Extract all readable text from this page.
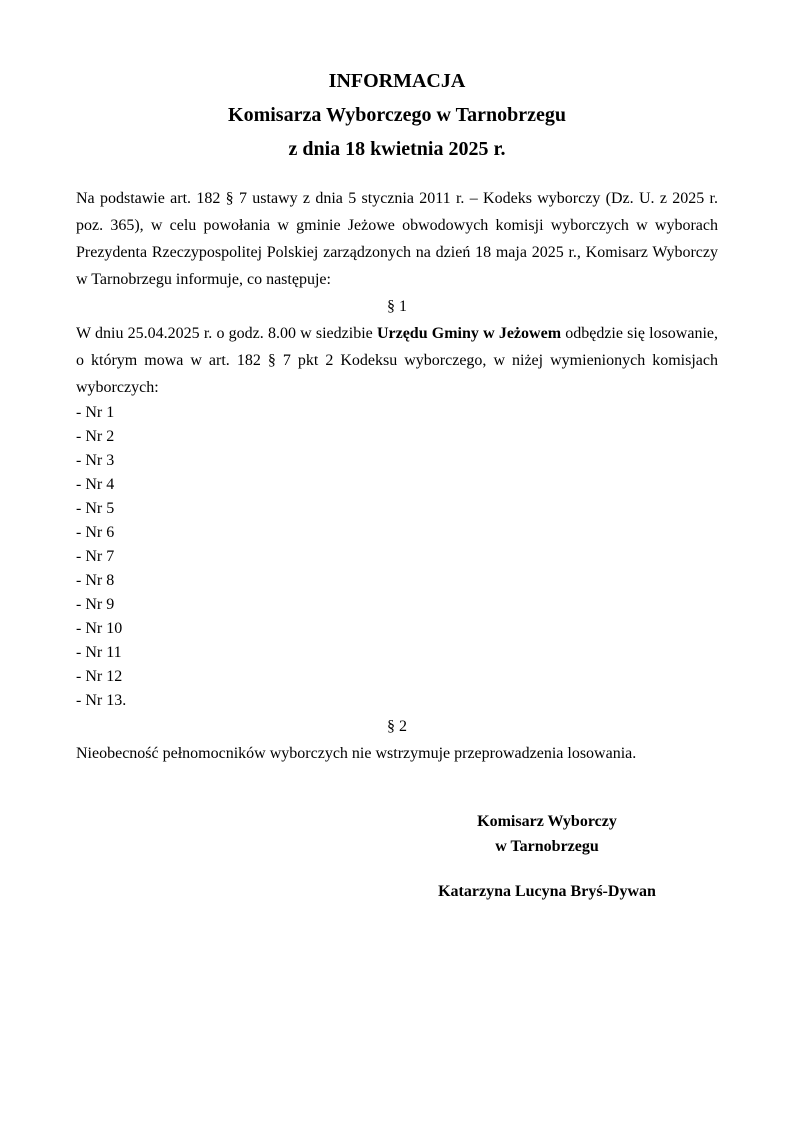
INFORMACJA
Komisarza Wyborczego w Tarnobrzegu
z dnia 18 kwietnia 2025 r.

Na podstawie art. 182 § 7 ustawy z dnia 5 stycznia 2011 r. – Kodeks wyborczy (Dz. U. z 2025 r. poz. 365), w celu powołania w gminie Jeżowe obwodowych komisji wyborczych w wyborach Prezydenta Rzeczypospolitej Polskiej zarządzonych na dzień 18 maja 2025 r., Komisarz Wyborczy w Tarnobrzegu informuje, co następuje:

§ 1

W dniu 25.04.2025 r. o godz. 8.00 w siedzibie Urzędu Gminy w Jeżowem odbędzie się losowanie, o którym mowa w art. 182 § 7 pkt 2 Kodeksu wyborczego, w niżej wymienionych komisjach wyborczych:

- Nr 1
- Nr 2
- Nr 3
- Nr 4
- Nr 5
- Nr 6
- Nr 7
- Nr 8
- Nr 9
- Nr 10
- Nr 11
- Nr 12
- Nr 13.

§ 2

Nieobecność pełnomocników wyborczych nie wstrzymuje przeprowadzenia losowania.

Komisarz Wyborczy
w Tarnobrzegu
Katarzyna Lucyna Bryś-Dywan
